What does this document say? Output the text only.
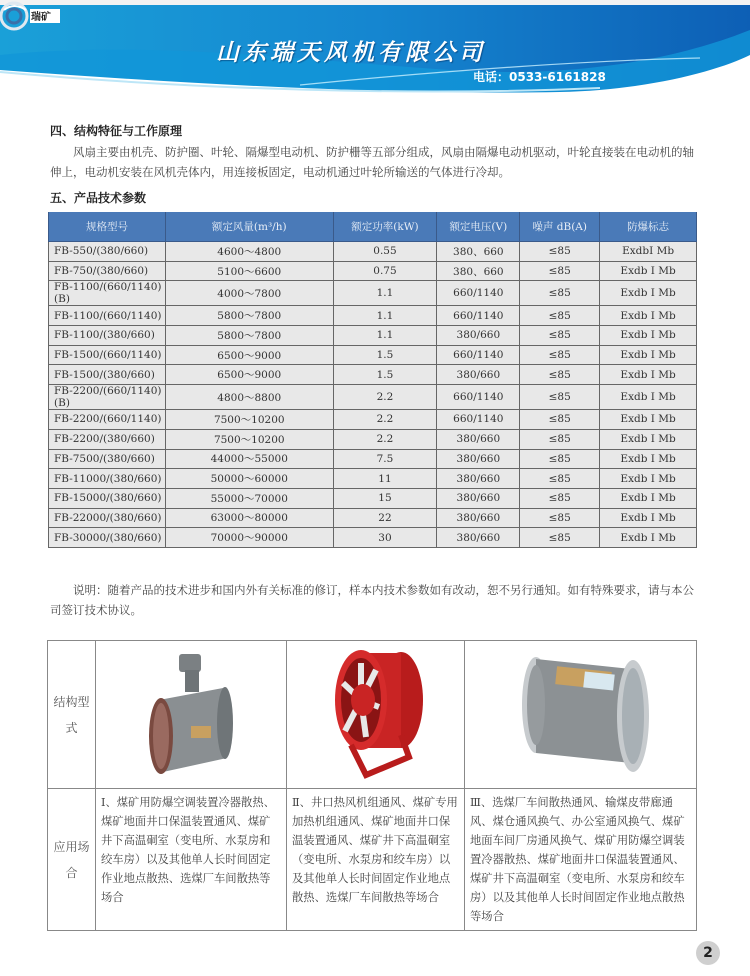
瑞矿
山东瑞天风机有限公司
电话：0533-6161828
四、结构特征与工作原理
风扇主要由机壳、防护圈、叶轮、隔爆型电动机、防护栅等五部分组成，风扇由隔爆电动机驱动，叶轮直接装在电动机的轴伸上，电动机安装在风机壳体内，用连接板固定，电动机通过叶轮所输送的气体进行冷却。
五、产品技术参数
规格型号	额定风量(m³/h)	额定功率(kW)	额定电压(V)	噪声 dB(A)	防爆标志
FB-550/(380/660)	4600～4800	0.55	380、660	≤85	ExdbI Mb
FB-750/(380/660)	5100～6600	0.75	380、660	≤85	Exdb I Mb
FB-1100/(660/1140)(B)	4000～7800	1.1	660/1140	≤85	Exdb I Mb
FB-1100/(660/1140)	5800～7800	1.1	660/1140	≤85	Exdb I Mb
FB-1100/(380/660)	5800～7800	1.1	380/660	≤85	Exdb I Mb
FB-1500/(660/1140)	6500～9000	1.5	660/1140	≤85	Exdb I Mb
FB-1500/(380/660)	6500～9000	1.5	380/660	≤85	Exdb I Mb
FB-2200/(660/1140)(B)	4800～8800	2.2	660/1140	≤85	Exdb I Mb
FB-2200/(660/1140)	7500～10200	2.2	660/1140	≤85	Exdb I Mb
FB-2200/(380/660)	7500～10200	2.2	380/660	≤85	Exdb I Mb
FB-7500/(380/660)	44000～55000	7.5	380/660	≤85	Exdb I Mb
FB-11000/(380/660)	50000～60000	11	380/660	≤85	Exdb I Mb
FB-15000/(380/660)	55000～70000	15	380/660	≤85	Exdb I Mb
FB-22000/(380/660)	63000～80000	22	380/660	≤85	Exdb I Mb
FB-30000/(380/660)	70000～90000	30	380/660	≤85	Exdb I Mb
说明：随着产品的技术进步和国内外有关标准的修订，样本内技术参数如有改动，恕不另行通知。如有特殊要求，请与本公司签订技术协议。
结构型式			
应用场合	Ⅰ、煤矿用防爆空调装置冷器散热、煤矿地面井口保温装置通风、煤矿井下高温硐室（变电所、水泵房和绞车房）以及其他单人长时间固定作业地点散热、选煤厂车间散热等场合	Ⅱ、井口热风机组通风、煤矿专用加热机组通风、煤矿地面井口保温装置通风、煤矿井下高温硐室（变电所、水泵房和绞车房）以及其他单人长时间固定作业地点散热、选煤厂车间散热等场合	Ⅲ、选煤厂车间散热通风、输煤皮带廊通风、煤仓通风换气、办公室通风换气、煤矿地面车间厂房通风换气、煤矿用防爆空调装置冷器散热、煤矿地面井口保温装置通风、煤矿井下高温硐室（变电所、水泵房和绞车房）以及其他单人长时间固定作业地点散热等场合
2
